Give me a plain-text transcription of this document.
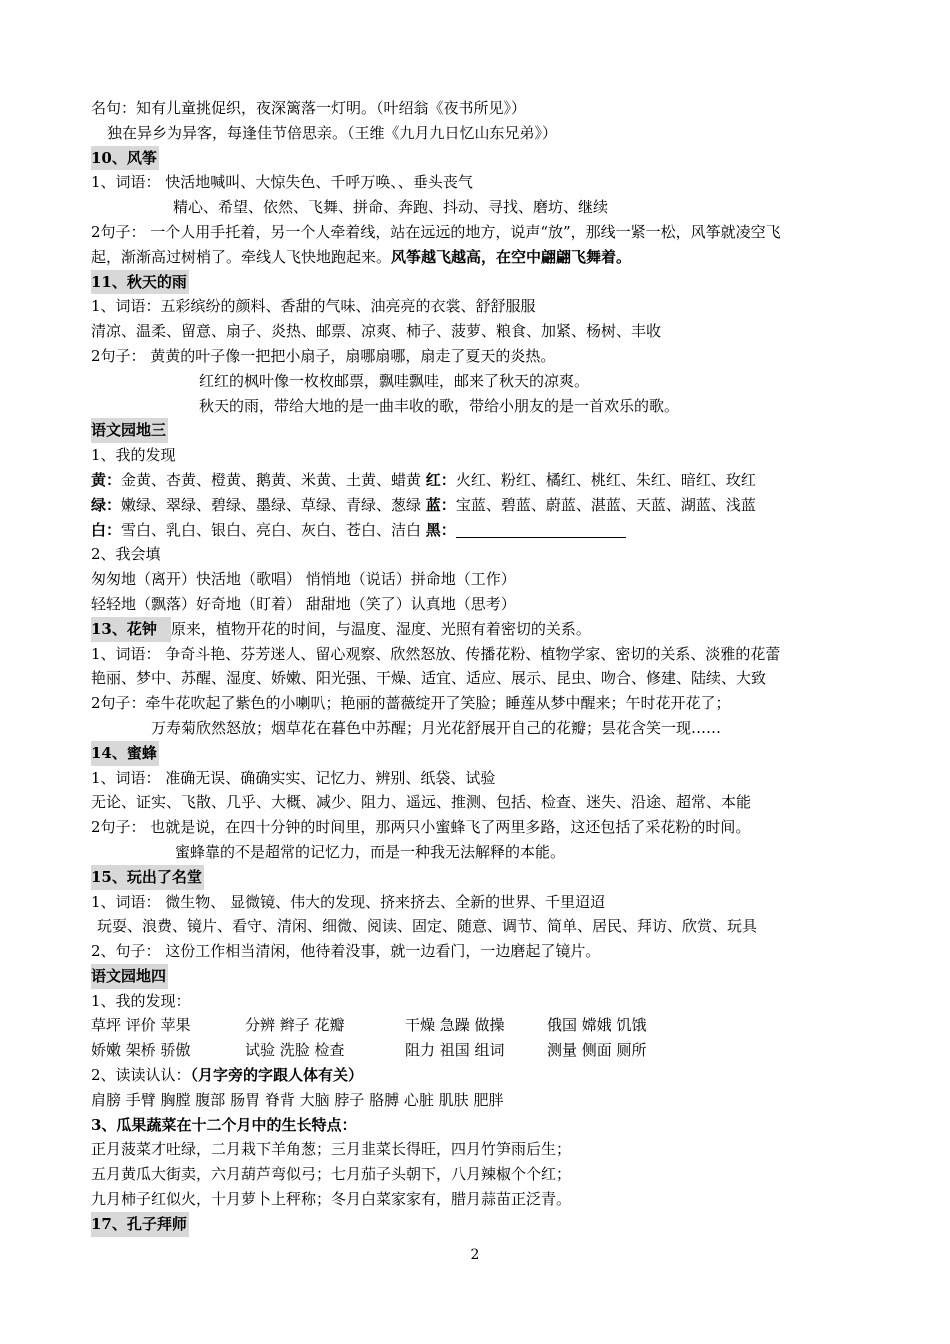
名句：知有儿童挑促织，夜深篱落一灯明。（叶绍翁《夜书所见》）
独在异乡为异客，每逢佳节倍思亲。（王维《九月九日忆山东兄弟》）
10、风筝
1、词语： 快活地喊叫、大惊失色、千呼万唤、、垂头丧气
精心、希望、依然、飞舞、拼命、奔跑、抖动、寻找、磨坊、继续
2句子： 一个人用手托着，另一个人牵着线，站在远远的地方，说声“放”，那线一紧一松，风筝就凌空飞
起，渐渐高过树梢了。牵线人飞快地跑起来。风筝越飞越高，在空中翩翩飞舞着。
11、秋天的雨
1、词语：五彩缤纷的颜料、香甜的气味、油亮亮的衣裳、舒舒服服
清凉、温柔、留意、扇子、炎热、邮票、凉爽、柿子、菠萝、粮食、加紧、杨树、丰收
2句子： 黄黄的叶子像一把把小扇子，扇哪扇哪，扇走了夏天的炎热。
红红的枫叶像一枚枚邮票，飘哇飘哇，邮来了秋天的凉爽。
秋天的雨，带给大地的是一曲丰收的歌，带给小朋友的是一首欢乐的歌。
语文园地三
1、我的发现
黄：金黄、杏黄、橙黄、鹅黄、米黄、土黄、蜡黄 红：火红、粉红、橘红、桃红、朱红、暗红、玫红
绿：嫩绿、翠绿、碧绿、墨绿、草绿、青绿、葱绿 蓝：宝蓝、碧蓝、蔚蓝、湛蓝、天蓝、湖蓝、浅蓝
白：雪白、乳白、银白、亮白、灰白、苍白、洁白 黑：
2、我会填
匆匆地（离开）快活地（歌唱） 悄悄地（说话）拼命地（工作）
轻轻地（飘落）好奇地（盯着） 甜甜地（笑了）认真地（思考）
13、花钟 原来，植物开花的时间，与温度、湿度、光照有着密切的关系。
1、词语： 争奇斗艳、芬芳迷人、留心观察、欣然怒放、传播花粉、植物学家、密切的关系、淡雅的花蕾
艳丽、梦中、苏醒、湿度、娇嫩、阳光强、干燥、适宜、适应、展示、昆虫、吻合、修建、陆续、大致
2句子：牵牛花吹起了紫色的小喇叭；艳丽的蔷薇绽开了笑脸；睡莲从梦中醒来；午时花开花了；
万寿菊欣然怒放；烟草花在暮色中苏醒；月光花舒展开自己的花瓣；昙花含笑一现……
14、蜜蜂
1、词语： 准确无误、确确实实、记忆力、辨别、纸袋、试验
无论、证实、飞散、几乎、大概、减少、阻力、遥远、推测、包括、检查、迷失、沿途、超常、本能
2句子： 也就是说，在四十分钟的时间里，那两只小蜜蜂飞了两里多路，这还包括了采花粉的时间。
蜜蜂靠的不是超常的记忆力，而是一种我无法解释的本能。
15、玩出了名堂
1、词语： 微生物、 显微镜、伟大的发现、挤来挤去、全新的世界、千里迢迢
玩耍、浪费、镜片、看守、清闲、细微、阅读、固定、随意、调节、简单、居民、拜访、欣赏、玩具
2、句子： 这份工作相当清闲，他待着没事，就一边看门，一边磨起了镜片。
语文园地四
1、我的发现：
草坪 评价 苹果	分辨 辫子 花瓣	干燥 急躁 做操	俄国 嫦娥 饥饿
娇嫩 架桥 骄傲	试验 洗脸 检查	阻力 祖国 组词	测量 侧面 厕所
2、读读认认：（月字旁的字跟人体有关）
肩膀 手臂 胸膛 腹部 肠胃 脊背 大脑 脖子 胳膊 心脏 肌肤 肥胖
3、瓜果蔬菜在十二个月中的生长特点：
正月菠菜才吐绿，二月栽下羊角葱；三月韭菜长得旺，四月竹笋雨后生；
五月黄瓜大街卖，六月葫芦弯似弓；七月茄子头朝下，八月辣椒个个红；
九月柿子红似火，十月萝卜上秤称；冬月白菜家家有，腊月蒜苗正泛青。
17、孔子拜师
2
